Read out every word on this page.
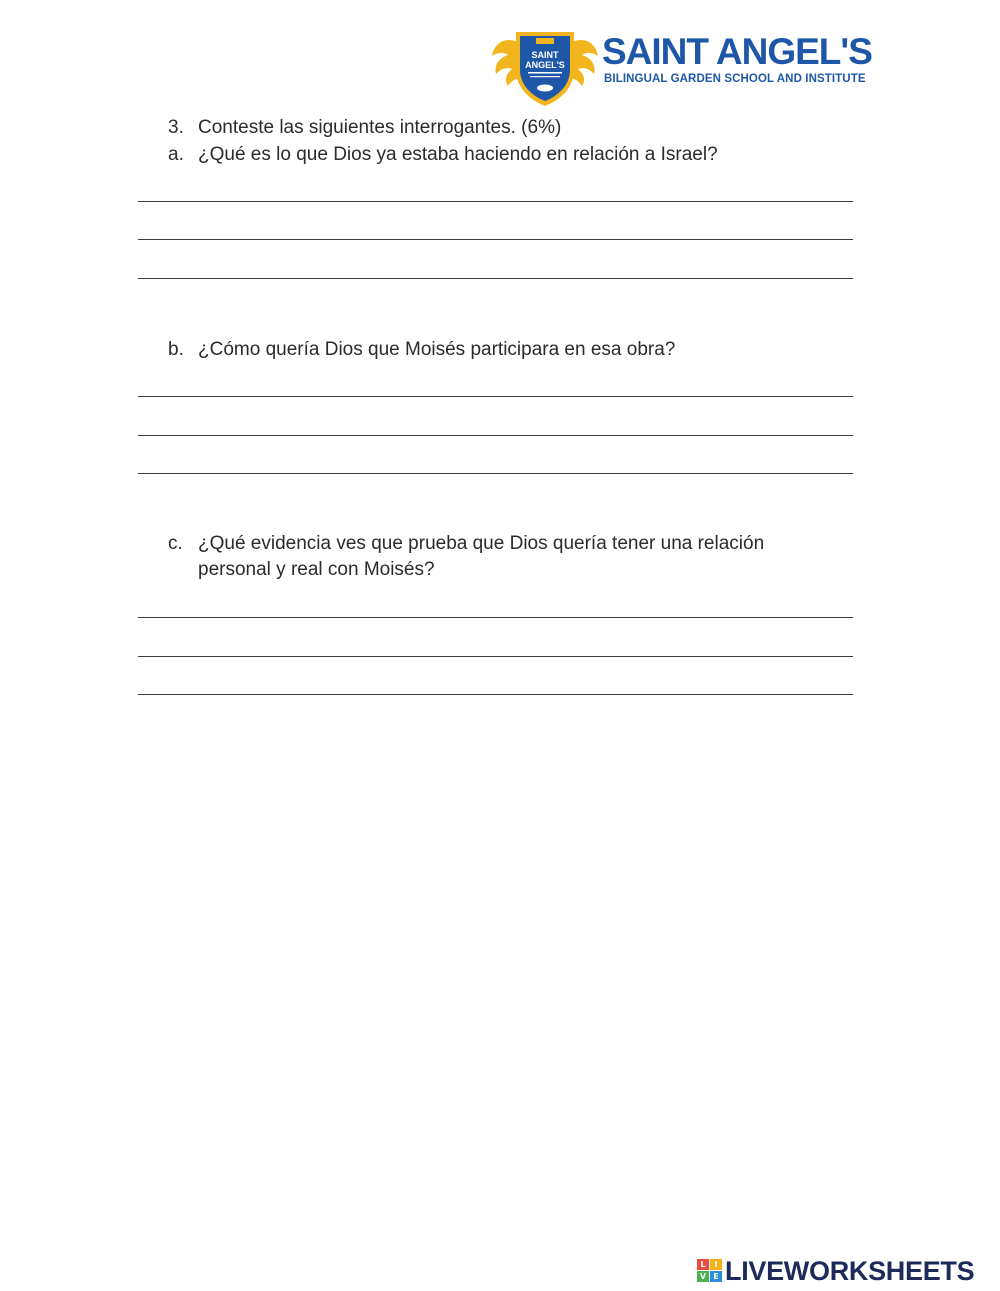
SAINT
ANGEL'S SAINT ANGEL'S
BILINGUAL GARDEN SCHOOL AND INSTITUTE
3. Conteste las siguientes interrogantes. (6%)
a. ¿Qué es lo que Dios ya estaba haciendo en relación a Israel?
b. ¿Cómo quería Dios que Moisés participara en esa obra?
c. ¿Qué evidencia ves que prueba que Dios quería tener una relación
personal y real con Moisés?
L	I
V E LIVEWORKSHEETS
